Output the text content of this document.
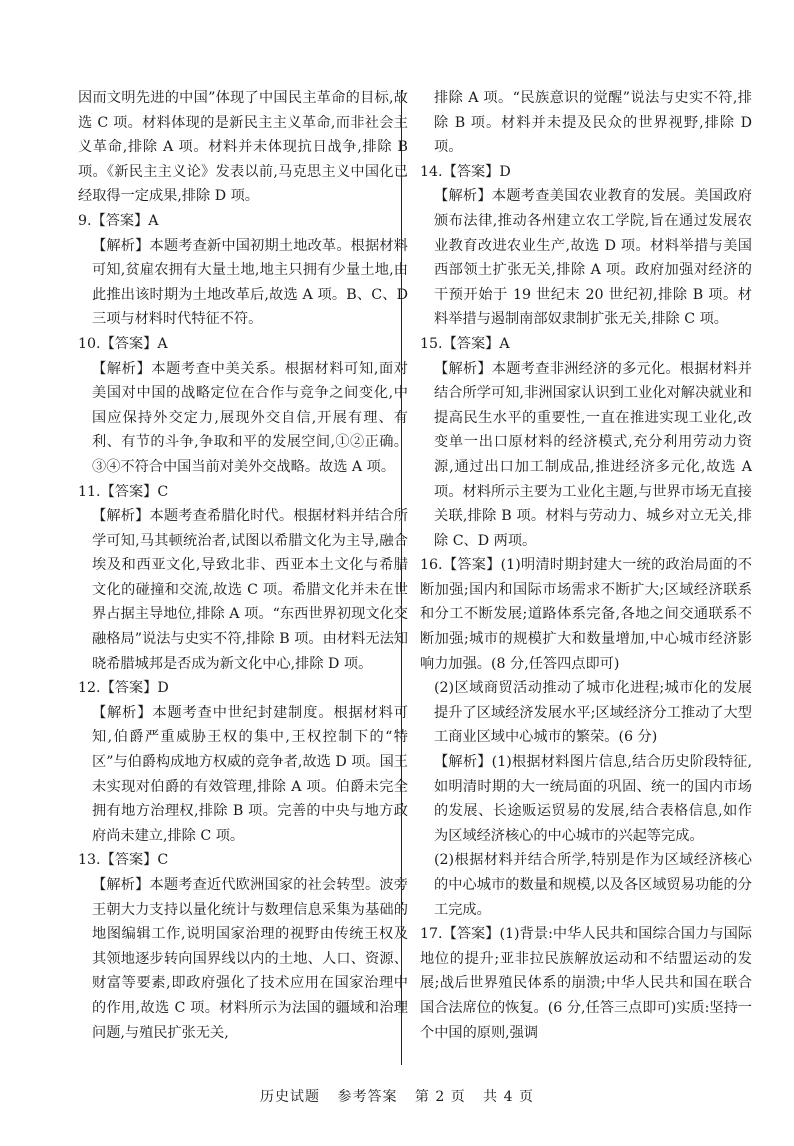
因而文明先进的中国”体现了中国民主革命的目标,故选 C 项。材料体现的是新民主主义革命,而非社会主义革命,排除 A 项。材料并未体现抗日战争,排除 B 项。《新民主主义论》发表以前,马克思主义中国化已经取得一定成果,排除 D 项。

9.【答案】A

【解析】本题考查新中国初期土地改革。根据材料可知,贫雇农拥有大量土地,地主只拥有少量土地,由此推出该时期为土地改革后,故选 A 项。B、C、D 三项与材料时代特征不符。

10.【答案】A

【解析】本题考查中美关系。根据材料可知,面对美国对中国的战略定位在合作与竞争之间变化,中国应保持外交定力,展现外交自信,开展有理、有利、有节的斗争,争取和平的发展空间,①②正确。③④不符合中国当前对美外交战略。故选 A 项。

11.【答案】C

【解析】本题考查希腊化时代。根据材料并结合所学可知,马其顿统治者,试图以希腊文化为主导,融合埃及和西亚文化,导致北非、西亚本土文化与希腊文化的碰撞和交流,故选 C 项。希腊文化并未在世界占据主导地位,排除 A 项。“东西世界初现文化交融格局”说法与史实不符,排除 B 项。由材料无法知晓希腊城邦是否成为新文化中心,排除 D 项。

12.【答案】D

【解析】本题考查中世纪封建制度。根据材料可知,伯爵严重威胁王权的集中,王权控制下的“特区”与伯爵构成地方权威的竞争者,故选 D 项。国王未实现对伯爵的有效管理,排除 A 项。伯爵未完全拥有地方治理权,排除 B 项。完善的中央与地方政府尚未建立,排除 C 项。

13.【答案】C

【解析】本题考查近代欧洲国家的社会转型。波旁王朝大力支持以量化统计与数理信息采集为基础的地图编辑工作,说明国家治理的视野由传统王权及其领地逐步转向国界线以内的土地、人口、资源、财富等要素,即政府强化了技术应用在国家治理中的作用,故选 C 项。材料所示为法国的疆域和治理问题,与殖民扩张无关,

排除 A 项。“民族意识的觉醒”说法与史实不符,排除 B 项。材料并未提及民众的世界视野,排除 D 项。

14.【答案】D

【解析】本题考查美国农业教育的发展。美国政府颁布法律,推动各州建立农工学院,旨在通过发展农业教育改进农业生产,故选 D 项。材料举措与美国西部领土扩张无关,排除 A 项。政府加强对经济的干预开始于 19 世纪末 20 世纪初,排除 B 项。材料举措与遏制南部奴隶制扩张无关,排除 C 项。

15.【答案】A

【解析】本题考查非洲经济的多元化。根据材料并结合所学可知,非洲国家认识到工业化对解决就业和提高民生水平的重要性,一直在推进实现工业化,改变单一出口原材料的经济模式,充分利用劳动力资源,通过出口加工制成品,推进经济多元化,故选 A 项。材料所示主要为工业化主题,与世界市场无直接关联,排除 B 项。材料与劳动力、城乡对立无关,排除 C、D 两项。

16.【答案】(1)明清时期封建大一统的政治局面的不断加强;国内和国际市场需求不断扩大;区域经济联系和分工不断发展;道路体系完备,各地之间交通联系不断加强;城市的规模扩大和数量增加,中心城市经济影响力加强。(8 分,任答四点即可)

(2)区域商贸活动推动了城市化进程;城市化的发展提升了区域经济发展水平;区域经济分工推动了大型工商业区域中心城市的繁荣。(6 分)

【解析】(1)根据材料图片信息,结合历史阶段特征,如明清时期的大一统局面的巩固、统一的国内市场的发展、长途贩运贸易的发展,结合表格信息,如作为区域经济核心的中心城市的兴起等完成。

(2)根据材料并结合所学,特别是作为区域经济核心的中心城市的数量和规模,以及各区域贸易功能的分工完成。

17.【答案】(1)背景:中华人民共和国综合国力与国际地位的提升;亚非拉民族解放运动和不结盟运动的发展;战后世界殖民体系的崩溃;中华人民共和国在联合国合法席位的恢复。(6 分,任答三点即可)实质:坚持一个中国的原则,强调

历史试题 参考答案 第 2 页 共 4 页
